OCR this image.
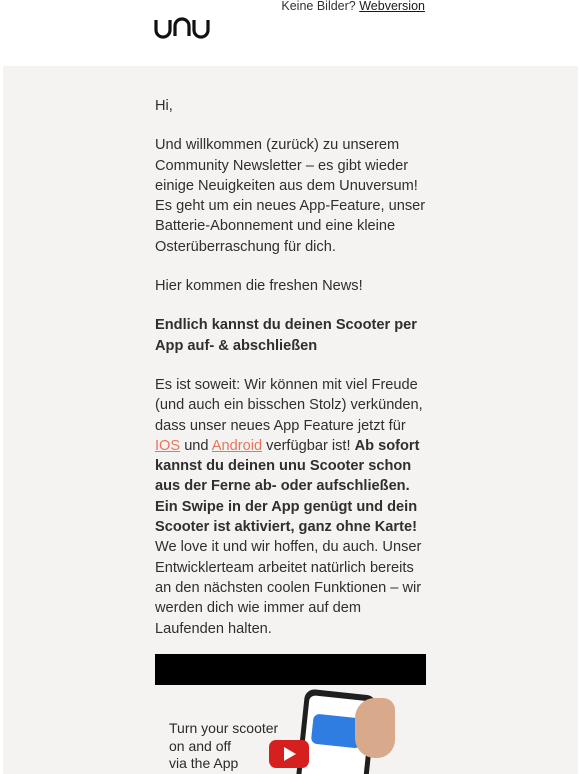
Keine Bilder? Webversion

Hi,

Und willkommen (zurück) zu unserem Community Newsletter – es gibt wieder einige Neuigkeiten aus dem Unuversum! Es geht um ein neues App-Feature, unser Batterie-Abonnement und eine kleine Osterüberraschung für dich.

Hier kommen die freshen News!

Endlich kannst du deinen Scooter per App auf- & abschließen

Es ist soweit: Wir können mit viel Freude (und auch ein bisschen Stolz) verkünden, dass unser neues App Feature jetzt für IOS und Android verfügbar ist! Ab sofort kannst du deinen unu Scooter schon aus der Ferne ab- oder aufschließen. Ein Swipe in der App genügt und dein Scooter ist aktiviert, ganz ohne Karte!
We love it und wir hoffen, du auch. Unser Entwicklerteam arbeitet natürlich bereits an den nächsten coolen Funktionen – wir werden dich wie immer auf dem Laufenden halten.

Turn your scooter
on and off
via the App
